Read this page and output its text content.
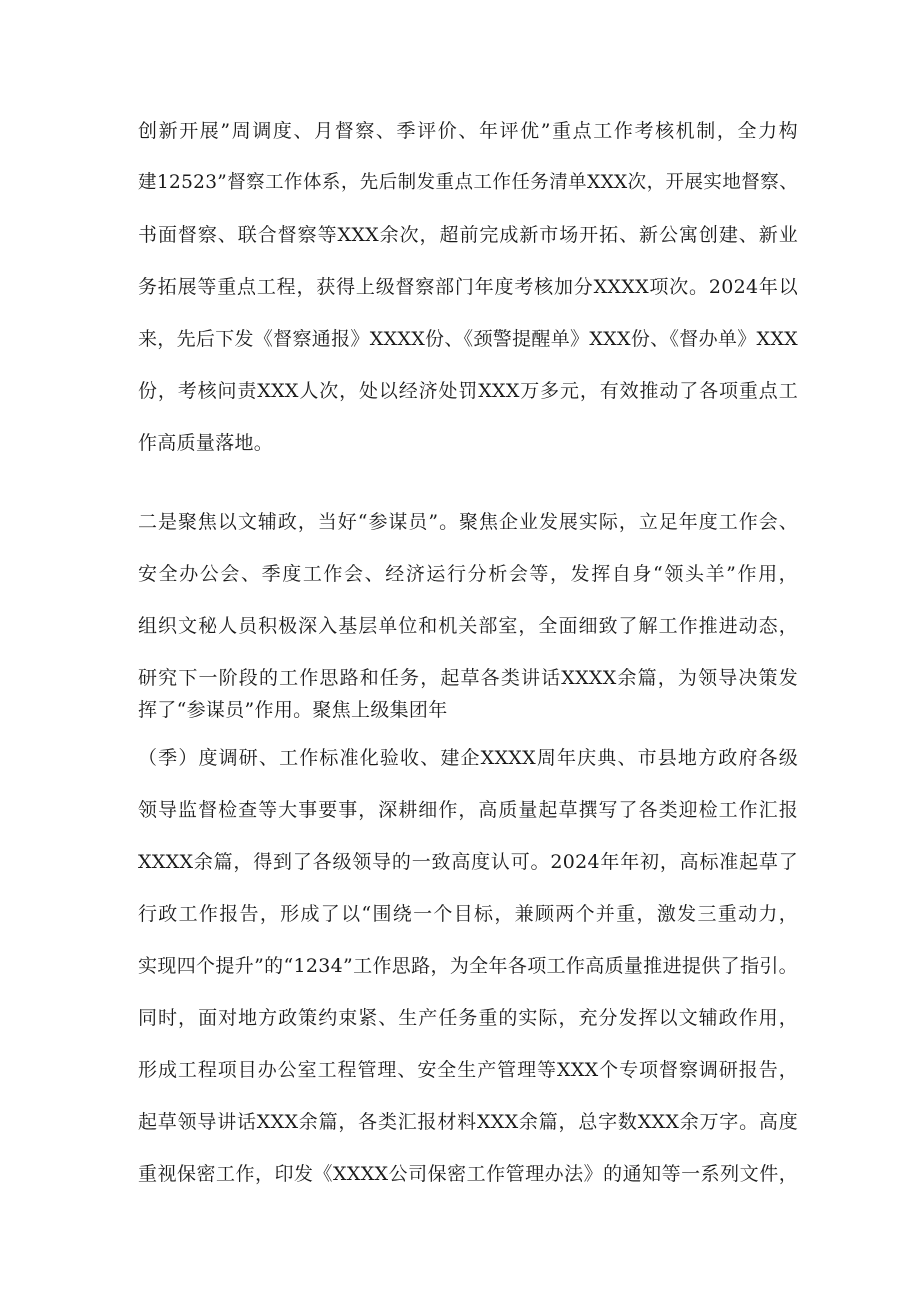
创新开展”周调度、月督察、季评价、年评优”重点工作考核机制，全力构
建12523”督察工作体系，先后制发重点工作任务清单XXX次，开展实地督察、
书面督察、联合督察等XXX余次，超前完成新市场开拓、新公寓创建、新业
务拓展等重点工程，获得上级督察部门年度考核加分XXXX项次。2024年以
来，先后下发《督察通报》XXXX份、《颈警提醒单》XXX份、《督办单》XXX
份，考核问责XXX人次，处以经济处罚XXX万多元，有效推动了各项重点工
作高质量落地。
二是聚焦以文辅政，当好“参谋员”。聚焦企业发展实际，立足年度工作会、
安全办公会、季度工作会、经济运行分析会等，发挥自身“领头羊”作用，
组织文秘人员积极深入基层单位和机关部室，全面细致了解工作推进动态，
研究下一阶段的工作思路和任务，起草各类讲话XXXX余篇，为领导决策发
挥了“参谋员”作用。聚焦上级集团年
（季）度调研、工作标准化验收、建企XXXX周年庆典、市县地方政府各级
领导监督检查等大事要事，深耕细作，高质量起草撰写了各类迎检工作汇报
XXXX余篇，得到了各级领导的一致高度认可。2024年年初，高标准起草了
行政工作报告，形成了以“围绕一个目标，兼顾两个并重，激发三重动力，
实现四个提升”的“1234”工作思路，为全年各项工作高质量推进提供了指引。
同时，面对地方政策约束紧、生产任务重的实际，充分发挥以文辅政作用，
形成工程项目办公室工程管理、安全生产管理等XXX个专项督察调研报告，
起草领导讲话XXX余篇，各类汇报材料XXX余篇，总字数XXX余万字。高度
重视保密工作，印发《XXXX公司保密工作管理办法》的通知等一系列文件，
